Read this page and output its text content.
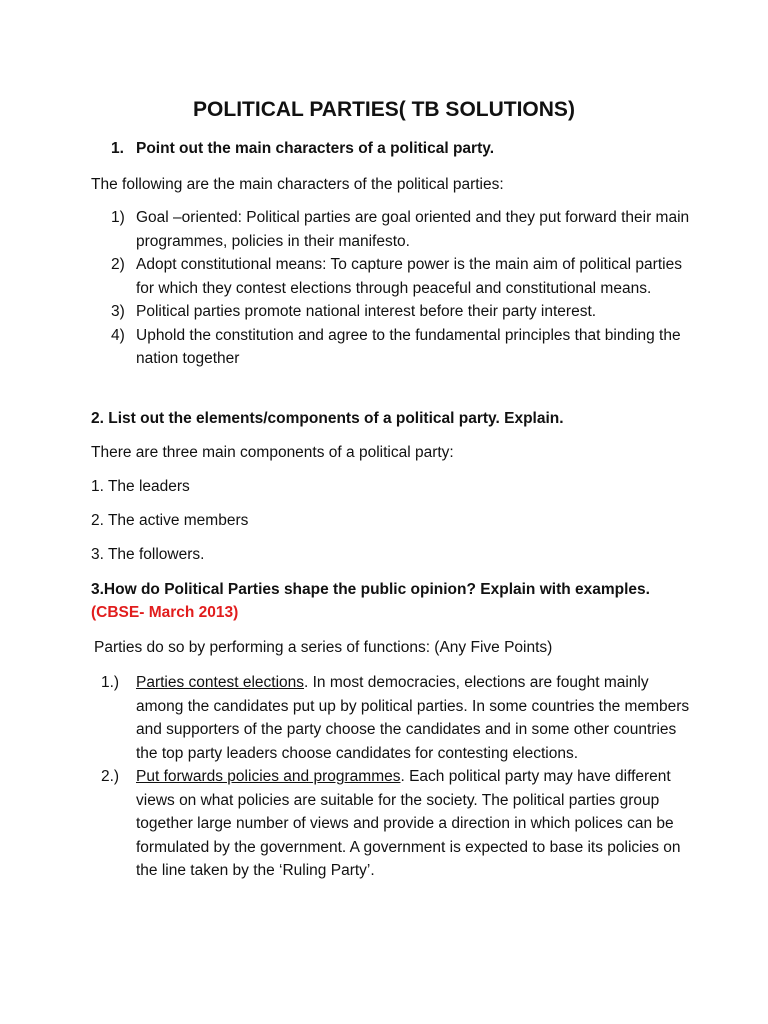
POLITICAL PARTIES( TB SOLUTIONS)
1. Point out the main characters of a political party.
The following are the main characters of the political parties:
1) Goal –oriented: Political parties are goal oriented and they put forward their main programmes, policies in their manifesto.
2) Adopt constitutional means: To capture power is the main aim of political parties for which they contest elections through peaceful and constitutional means.
3) Political parties promote national interest before their party interest.
4) Uphold the constitution and agree to the fundamental principles that binding the nation together
2. List out the elements/components of a political party. Explain.
There are three main components of a political party:
1. The leaders
2. The active members
3. The followers.
3.How do Political Parties shape the public opinion? Explain with examples.
(CBSE- March 2013)
Parties do so by performing a series of functions: (Any Five Points)
1.) Parties contest elections. In most democracies, elections are fought mainly among the candidates put up by political parties. In some countries the members and supporters of the party choose the candidates and in some other countries the top party leaders choose candidates for contesting elections.
2.) Put forwards policies and programmes. Each political party may have different views on what policies are suitable for the society. The political parties group together large number of views and provide a direction in which polices can be formulated by the government. A government is expected to base its policies on the line taken by the ‘Ruling Party’.
